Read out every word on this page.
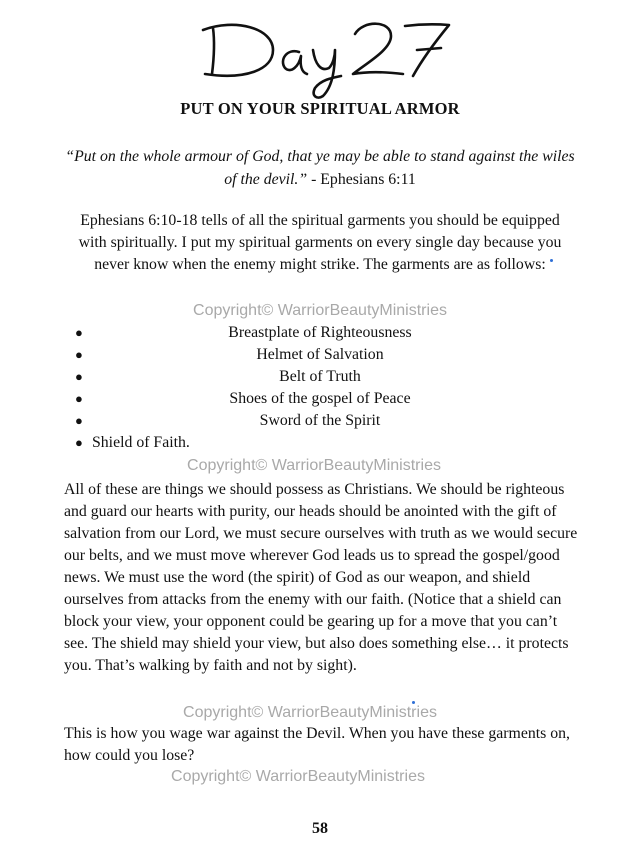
PUT ON YOUR SPIRITUAL ARMOR
“Put on the whole armour of God, that ye may be able to stand against the wiles of the devil.” - Ephesians 6:11
Ephesians 6:10-18 tells of all the spiritual garments you should be equipped with spiritually. I put my spiritual garments on every single day because you never know when the enemy might strike. The garments are as follows:
Copyright© WarriorBeautyMinistries
●	Breastplate of Righteousness
●	Helmet of Salvation
●	Belt of Truth
●	Shoes of the gospel of Peace
●	Sword of the Spirit
● Shield of Faith.
Copyright© WarriorBeautyMinistries
All of these are things we should possess as Christians. We should be righteous and guard our hearts with purity, our heads should be anointed with the gift of salvation from our Lord, we must secure ourselves with truth as we would secure our belts, and we must move wherever God leads us to spread the gospel/good news. We must use the word (the spirit) of God as our weapon, and shield ourselves from attacks from the enemy with our faith. (Notice that a shield can block your view, your opponent could be gearing up for a move that you can’t see. The shield may shield your view, but also does something else… it protects you. That’s walking by faith and not by sight).
Copyright© WarriorBeautyMinistries
This is how you wage war against the Devil. When you have these garments on, how could you lose?
Copyright© WarriorBeautyMinistries
58
